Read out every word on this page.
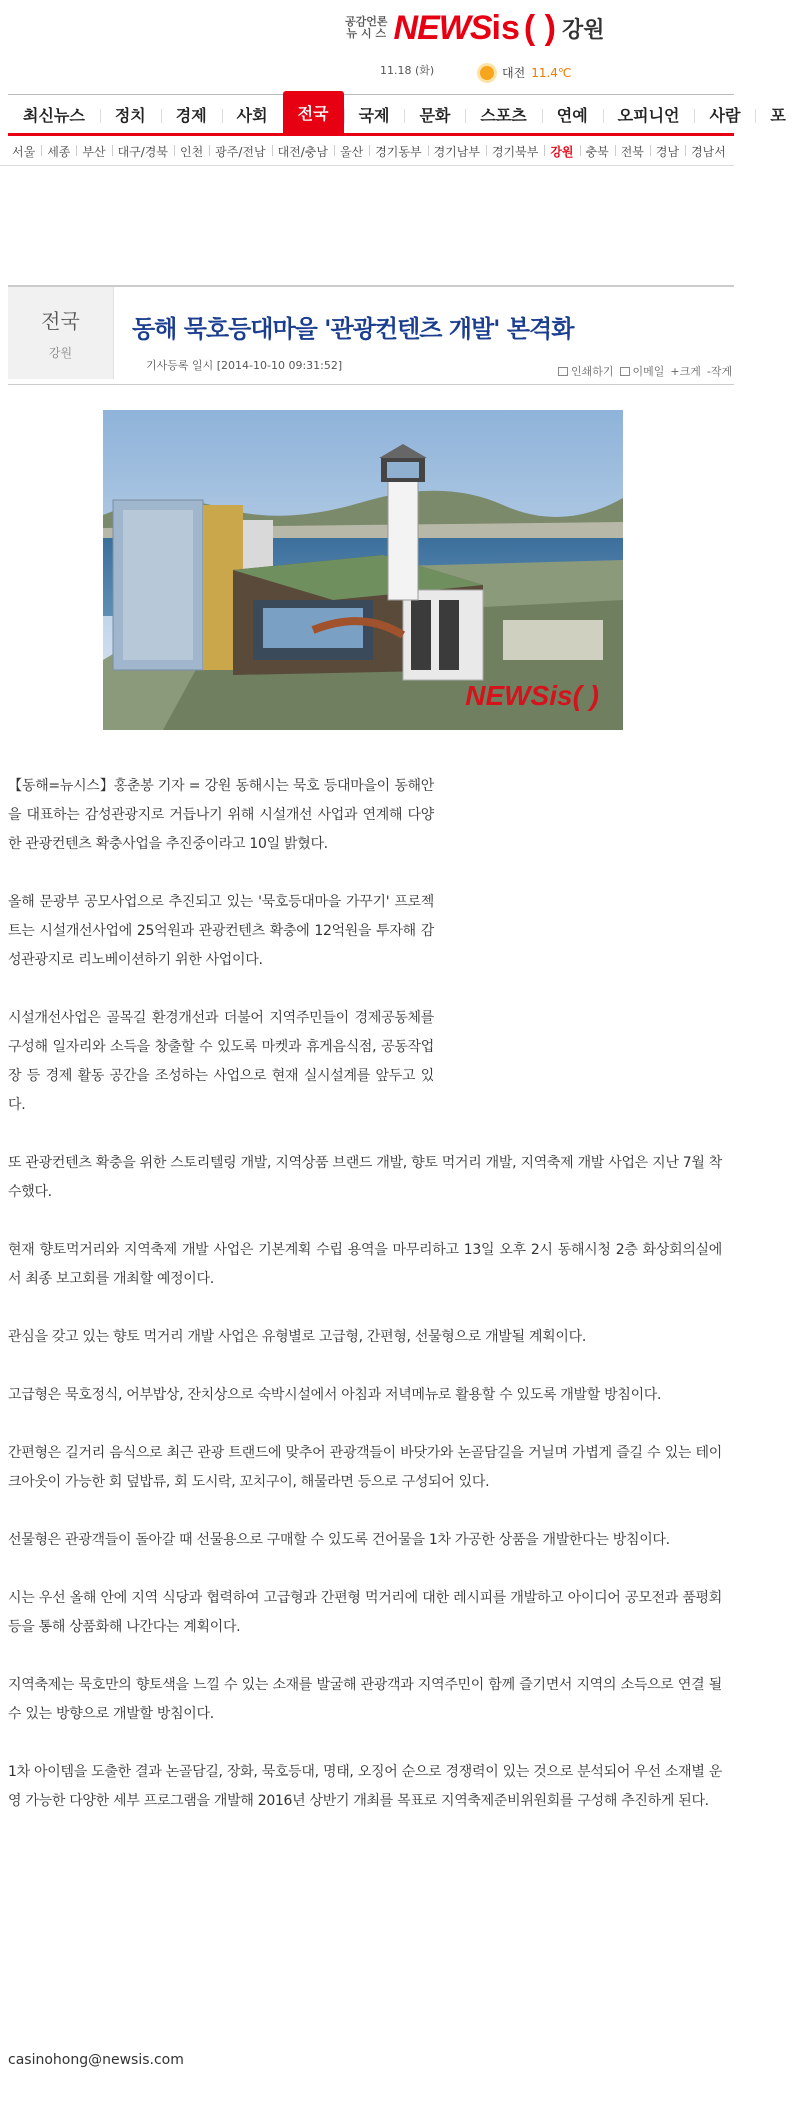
공감언론
뉴 시 스 NEWS is ( ) 강원
11.18 (화)	대전 11.4℃
최신뉴스	정치	경제	사회	전국	국제	문화	스포츠	연예	오피니언	사람	포
서울	세종	부산	대구/경북	인천	광주/전남	대전/충남	울산	경기동부	경기남부	경기북부	강원	충북	전북	경남	경남서
전국
강원
동해 묵호등대마을 '관광컨텐츠 개발' 본격화
기사등록 일시 [2014-10-10 09:31:52]	인쇄하기 이메일 + 크게 - 작게
NEWSis( )

【동해=뉴시스】홍춘봉 기자 = 강원 동해시는 묵호 등대마을이 동해안을 대표하는 감성관광지로 거듭나기 위해 시설개선 사업과 연계해 다양한 관광컨텐츠 확충사업을 추진중이라고 10일 밝혔다.

올해 문광부 공모사업으로 추진되고 있는 '묵호등대마을 가꾸기' 프로젝트는 시설개선사업에 25억원과 관광컨텐츠 확충에 12억원을 투자해 감성관광지로 리노베이션하기 위한 사업이다.

시설개선사업은 골목길 환경개선과 더불어 지역주민들이 경제공동체를 구성해 일자리와 소득을 창출할 수 있도록 마켓과 휴게음식점, 공동작업장 등 경제 활동 공간을 조성하는 사업으로 현재 실시설계를 앞두고 있다.

또 관광컨텐츠 확충을 위한 스토리텔링 개발, 지역상품 브랜드 개발, 향토 먹거리 개발, 지역축제 개발 사업은 지난 7월 착수했다.

현재 향토먹거리와 지역축제 개발 사업은 기본계획 수립 용역을 마무리하고 13일 오후 2시 동해시청 2층 화상회의실에서 최종 보고회를 개최할 예정이다.

관심을 갖고 있는 향토 먹거리 개발 사업은 유형별로 고급형, 간편형, 선물형으로 개발될 계획이다.

고급형은 묵호정식, 어부밥상, 잔치상으로 숙박시설에서 아침과 저녁메뉴로 활용할 수 있도록 개발할 방침이다.

간편형은 길거리 음식으로 최근 관광 트랜드에 맞추어 관광객들이 바닷가와 논골담길을 거닐며 가볍게 즐길 수 있는 테이크아웃이 가능한 회 덮밥류, 회 도시락, 꼬치구이, 해물라면 등으로 구성되어 있다.

선물형은 관광객들이 돌아갈 때 선물용으로 구매할 수 있도록 건어물을 1차 가공한 상품을 개발한다는 방침이다.

시는 우선 올해 안에 지역 식당과 협력하여 고급형과 간편형 먹거리에 대한 레시피를 개발하고 아이디어 공모전과 품평회 등을 통해 상품화해 나간다는 계획이다.

지역축제는 묵호만의 향토색을 느낄 수 있는 소재를 발굴해 관광객과 지역주민이 함께 즐기면서 지역의 소득으로 연결 될 수 있는 방향으로 개발할 방침이다.

1차 아이템을 도출한 결과 논골담길, 장화, 묵호등대, 명태, 오징어 순으로 경쟁력이 있는 것으로 분석되어 우선 소재별 운영 가능한 다양한 세부 프로그램을 개발해 2016년 상반기 개최를 목표로 지역축제준비위원회를 구성해 추진하게 된다.

casinohong@newsis.com
